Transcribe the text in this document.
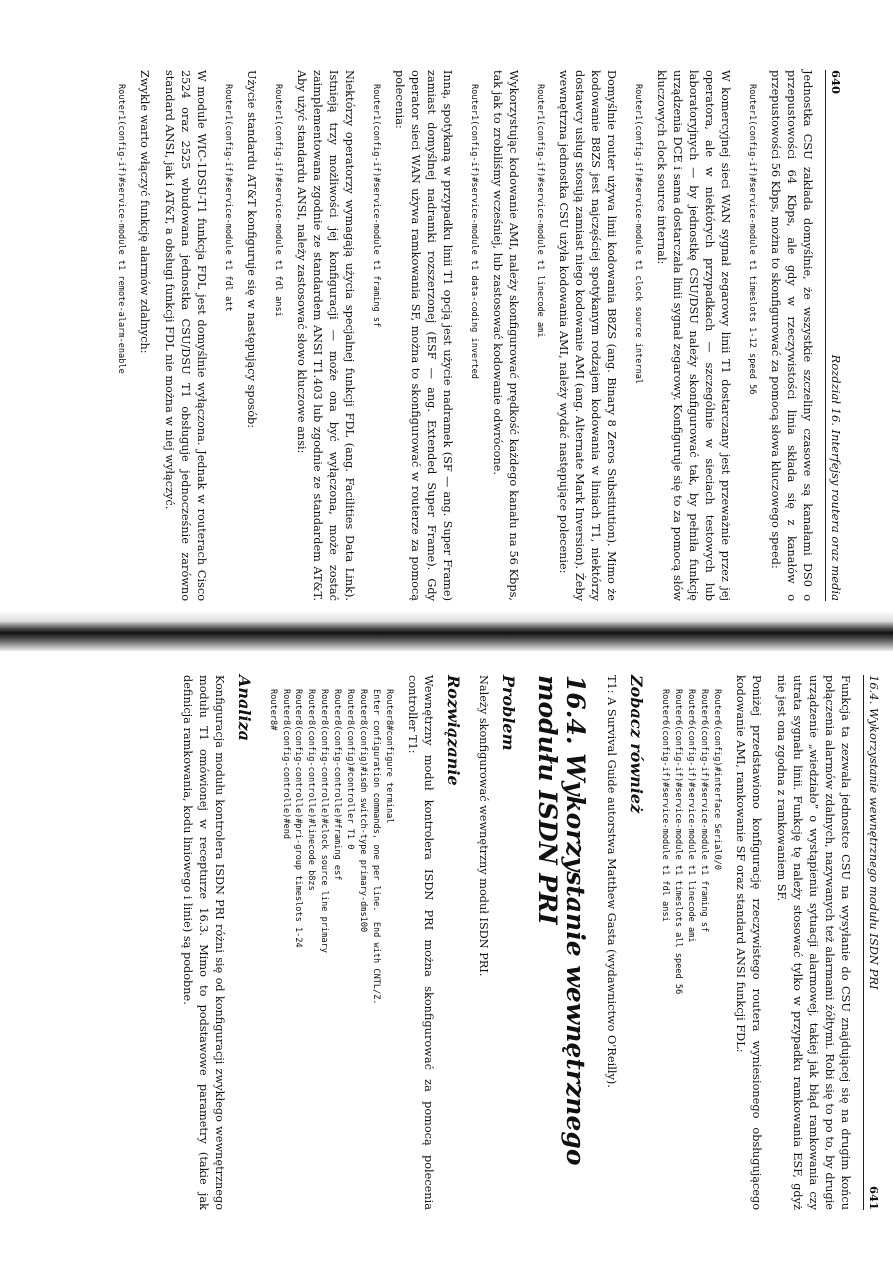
640
Rozdział 16. Interfejsy routera oraz media

Jednostka CSU zakłada domyślnie, że wszystkie szczeliny czasowe są kanałami DS0 o przepustowości 64 Kbps, ale gdy w rzeczywistości linia składa się z kanałów o przepustowości 56 Kbps, można to skonfigurować za pomocą słowa kluczowego speed:

Router1(config-if)#service-module t1 timeslots 1-12 speed 56

W komercyjnej sieci WAN sygnał zegarowy linii T1 dostarczany jest przeważnie przez jej operatora, ale w niektórych przypadkach — szczególnie w sieciach testowych lub laboratoryjnych — by jednostkę CSU/DSU należy skonfigurować tak, by pełniła funkcję urządzenia DCE i sama dostarczała linii sygnał zegarowy. Konfiguruje się to za pomocą słów kluczowych clock source internal:

Router1(config-if)#service-module t1 clock source internal

Domyślnie router używa linii kodowania B8ZS (ang. Binary 8 Zeros Substitution). Mimo że kodowanie B8ZS jest najczęściej spotykanym rodzajem kodowania w liniach T1, niektórzy dostawcy usług stosują zamiast niego kodowanie AMI (ang. Alternate Mark Inversion). Żeby wewnętrzna jednostka CSU użyła kodowania AMI, należy wydać następujące polecenie:

Router1(config-if)#service-module t1 linecode ami

Wykorzystując kodowanie AMI, należy skonfigurować prędkość każdego kanału na 56 Kbps, tak jak to zrobiliśmy wcześniej, lub zastosować kodowanie odwrócone.

Router1(config-if)#service-module t1 data-coding inverted

Inną, spotykaną w przypadku linii T1 opcją jest użycie nadramek (SF — ang. Super Frame) zamiast domyślnej nadramki rozszerzonej (ESF — ang. Extended Super Frame). Gdy operator sieci WAN używa ramkowania SF, można to skonfigurować w routerze za pomocą polecenia:

Router1(config-if)#service-module t1 framing sf

Niektórzy operatorzy wymagają użycia specjalnej funkcji FDL (ang. Facilities Data Link). Istnieją trzy możliwości jej konfiguracji — może ona być wyłączona, może zostać zaimplementowana zgodnie ze standardem ANSI T1.403 lub zgodnie ze standardem AT&T. Aby użyć standardu ANSI, należy zastosować słowo kluczowe ansi:

Router1(config-if)#service-module t1 fdl ansi

Użycie standardu AT&T konfiguruje się w następujący sposób:

Router1(config-if)#service-module t1 fdl att

W module WIC-1DSU-T1 funkcja FDL jest domyślnie wyłączona. Jednak w routerach Cisco 2524 oraz 2525 wbudowana jednostka CSU/DSU T1 obsługuje jednocześnie zarówno standard ANSI, jak i AT&T, a obsługi funkcji FDL nie można w niej wyłączyć.

Zwykle warto włączyć funkcję alarmów zdalnych:

Router1(config-if)#service-module t1 remote-alarm-enable
16.4. Wykorzystanie wewnętrznego modułu ISDN PRI
641

Funkcja ta zezwala jednostce CSU na wysyłanie do CSU znajdującej się na drugim końcu połączenia alarmów zdalnych, nazywanych też alarmami żółtymi. Robi się to po to, by drugie urządzenie „wiedziało” o wystąpieniu sytuacji alarmowej, takiej jak błąd ramkowania czy utrata sygnału linii. Funkcję tę należy stosować tylko w przypadku ramkowania ESF, gdyż nie jest ona zgodna z ramkowaniem SF.

Poniżej przedstawiono konfigurację rzeczywistego routera wyniesionego obsługującego kodowanie AMI, ramkowanie SF oraz standard ANSI funkcji FDL:

Router6(config)#interface Serial0/0
Router6(config-if)#service-module t1 framing sf
Router6(config-if)#service-module t1 linecode ami
Router6(config-if)#service-module t1 timeslots all speed 56
Router6(config-if)#service-module t1 fdl ansi
Zobacz również

T1: A Survival Guide autorstwa Matthew Gasta (wydawnictwo O'Reilly).

16.4. Wykorzystanie wewnętrznego modułu ISDN PRI
Problem

Należy skonfigurować wewnętrzny moduł ISDN PRI.

Rozwiązanie

Wewnętrzny moduł kontrolera ISDN PRI można skonfigurować za pomocą polecenia controller T1:

Router8#configure terminal
Enter configuration commands, one per line.  End with CNTL/Z.
Router8(config)#isdn switch-type primary-dms100
Router8(config)#controller T1 0
Router8(config-controlle)#framing esf
Router8(config-controlle)#clock source line primary
Router8(config-controlle)#linecode b8zs
Router8(config-controlle)#pri-group timeslots 1-24
Router8(config-controlle)#end
Router8#
Analiza

Konfiguracja modułu kontrolera ISDN PRI różni się od konfiguracji zwykłego wewnętrznego modułu T1 omówionej w recepturze 16.3. Mimo to podstawowe parametry (takie jak definicja ramkowania, kodu liniowego i linie) są podobne.
